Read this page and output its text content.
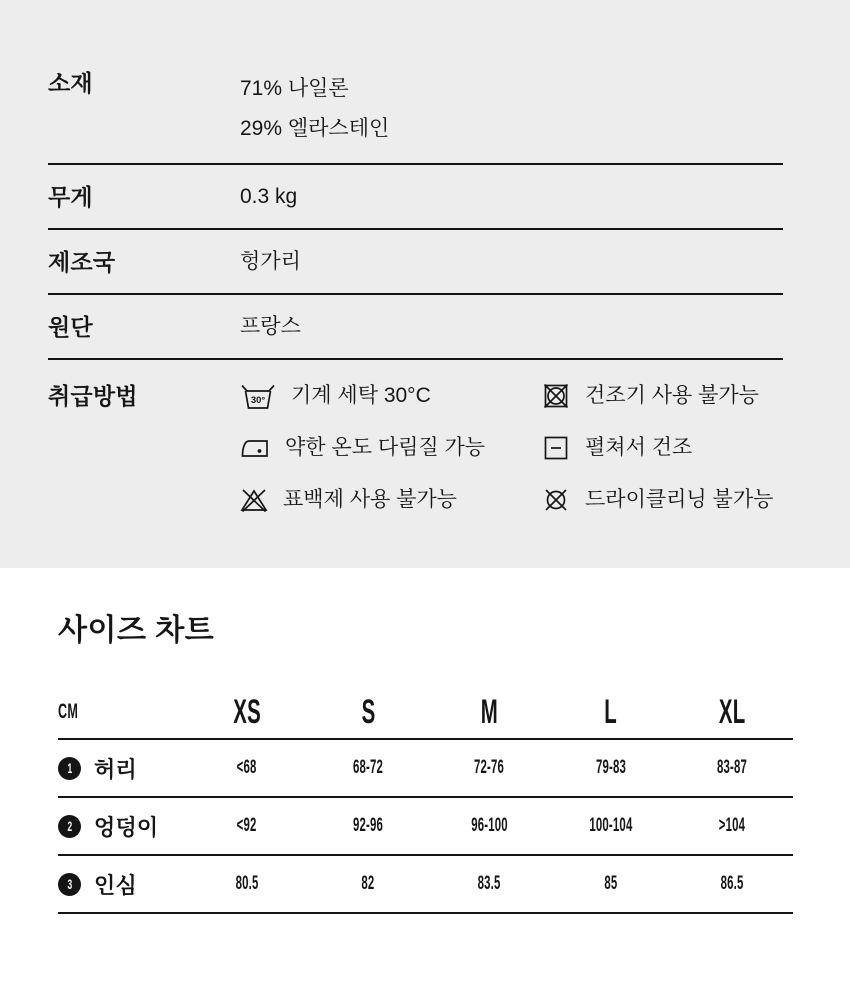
소재	71% 나일론
29% 엘라스테인
무게	0.3 kg
제조국	헝가리
원단	프랑스
취급방법	30° 기계 세탁 30°C
약한 온도 다림질 가능
표백제 사용 불가능
건조기 사용 불가능
펼쳐서 건조
드라이클리닝 불가능
사이즈 차트
CM	XS	S	M	L	XL
1 허리	<68	68-72	72-76	79-83	83-87
2 엉덩이	<92	92-96	96-100	100-104	>104
3 인심	80.5	82	83.5	85	86.5
